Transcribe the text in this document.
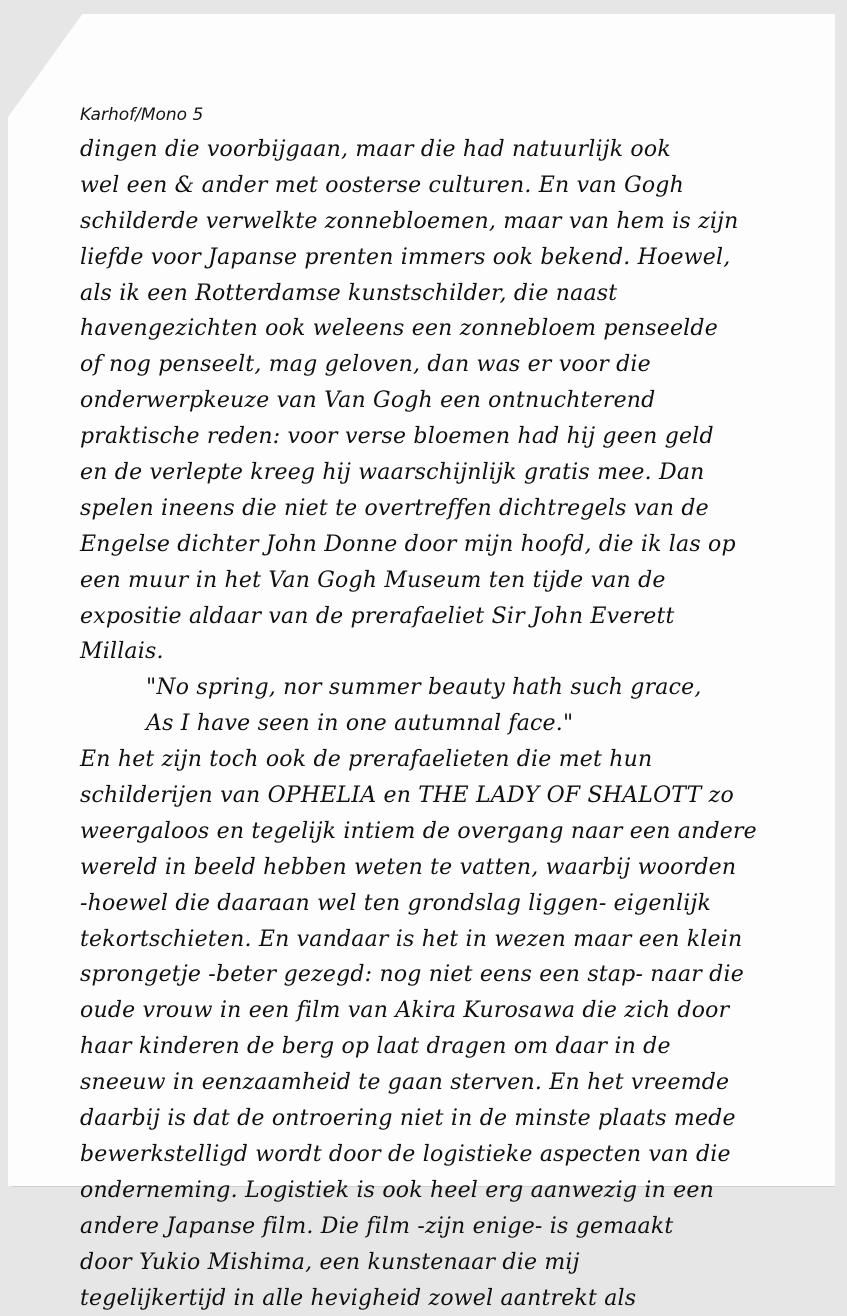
Karhof/Mono 5
dingen die voorbijgaan, maar die had natuurlijk ook
wel een & ander met oosterse culturen. En van Gogh
schilderde verwelkte zonnebloemen, maar van hem is zijn
liefde voor Japanse prenten immers ook bekend. Hoewel,
als ik een Rotterdamse kunstschilder, die naast
havengezichten ook weleens een zonnebloem penseelde
of nog penseelt, mag geloven, dan was er voor die
onderwerpkeuze van Van Gogh een ontnuchterend
praktische reden: voor verse bloemen had hij geen geld
en de verlepte kreeg hij waarschijnlijk gratis mee. Dan
spelen ineens die niet te overtreffen dichtregels van de
Engelse dichter John Donne door mijn hoofd, die ik las op
een muur in het Van Gogh Museum ten tijde van de
expositie aldaar van de prerafaeliet Sir John Everett
Millais.
"No spring, nor summer beauty hath such grace,
As I have seen in one autumnal face."
En het zijn toch ook de prerafaelieten die met hun
schilderijen van OPHELIA en THE LADY OF SHALOTT zo
weergaloos en tegelijk intiem de overgang naar een andere
wereld in beeld hebben weten te vatten, waarbij woorden
-hoewel die daaraan wel ten grondslag liggen- eigenlijk
tekortschieten. En vandaar is het in wezen maar een klein
sprongetje -beter gezegd: nog niet eens een stap- naar die
oude vrouw in een film van Akira Kurosawa die zich door
haar kinderen de berg op laat dragen om daar in de
sneeuw in eenzaamheid te gaan sterven. En het vreemde
daarbij is dat de ontroering niet in de minste plaats mede
bewerkstelligd wordt door de logistieke aspecten van die
onderneming. Logistiek is ook heel erg aanwezig in een
andere Japanse film. Die film -zijn enige- is gemaakt
door Yukio Mishima, een kunstenaar die mij
tegelijkertijd in alle hevigheid zowel aantrekt als
